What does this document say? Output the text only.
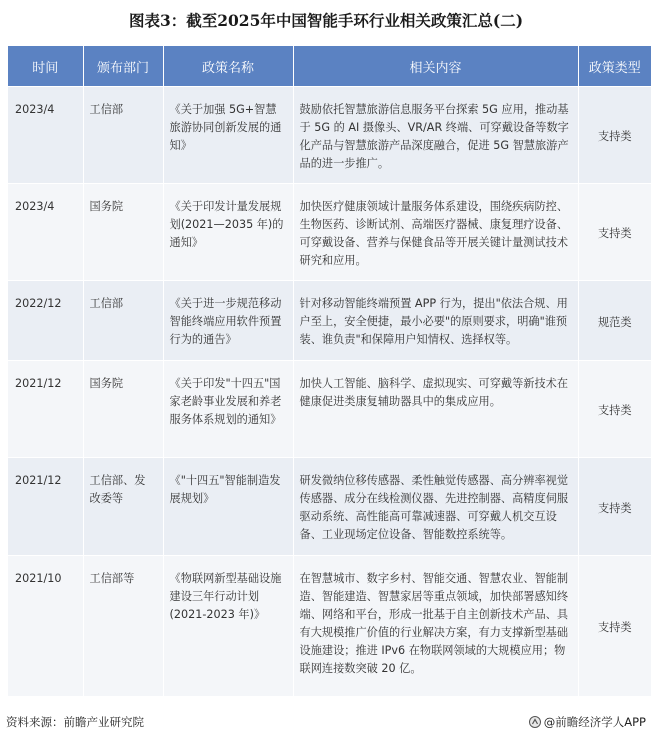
图表3：截至2025年中国智能手环行业相关政策汇总(二)
时间	颁布部门	政策名称	相关内容	政策类型
2023/4	工信部	《关于加强 5G+智慧旅游协同创新发展的通知》	鼓励依托智慧旅游信息服务平台探索 5G 应用，推动基于 5G 的 AI 摄像头、VR/AR 终端、可穿戴设备等数字化产品与智慧旅游产品深度融合，促进 5G 智慧旅游产品的进一步推广。	支持类
2023/4	国务院	《关于印发计量发展规划(2021—2035 年)的通知》	加快医疗健康领域计量服务体系建设，围绕疾病防控、生物医药、诊断试剂、高端医疗器械、康复理疗设备、可穿戴设备、营养与保健食品等开展关键计量测试技术研究和应用。	支持类
2022/12	工信部	《关于进一步规范移动智能终端应用软件预置行为的通告》	针对移动智能终端预置 APP 行为，提出"依法合规、用户至上，安全便捷，最小必要"的原则要求，明确"谁预装、谁负责"和保障用户知情权、选择权等。	规范类
2021/12	国务院	《关于印发"十四五"国家老龄事业发展和养老服务体系规划的通知》	加快人工智能、脑科学、虚拟现实、可穿戴等新技术在健康促进类康复辅助器具中的集成应用。	支持类
2021/12	工信部、发改委等	《"十四五"智能制造发展规划》	研发微纳位移传感器、柔性触觉传感器、高分辨率视觉传感器、成分在线检测仪器、先进控制器、高精度伺服驱动系统、高性能高可靠减速器、可穿戴人机交互设备、工业现场定位设备、智能数控系统等。	支持类
2021/10	工信部等	《物联网新型基础设施建设三年行动计划(2021-2023 年)》	在智慧城市、数字乡村、智能交通、智慧农业、智能制造、智能建造、智慧家居等重点领域，加快部署感知终端、网络和平台，形成一批基于自主创新技术产品、具有大规模推广价值的行业解决方案，有力支撑新型基础设施建设；推进 IPv6 在物联网领域的大规模应用；物联网连接数突破 20 亿。	支持类
资料来源：前瞻产业研究院	@前瞻经济学人APP
